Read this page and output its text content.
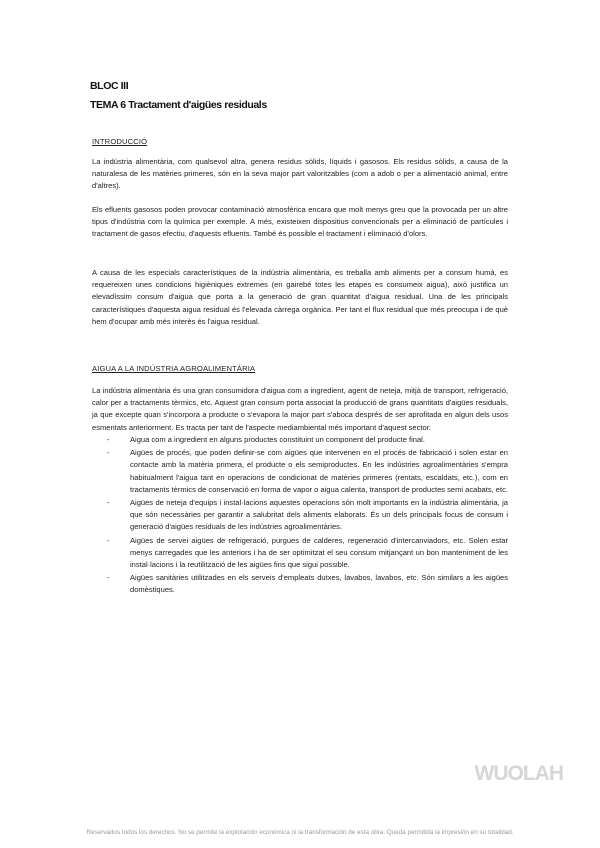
BLOC III
TEMA 6 Tractament d'aigües residuals
INTRODUCCIÓ

La indústria alimentària, com qualsevol altra, genera residus sòlids, líquids i gasosos. Els residus sòlids, a causa de la naturalesa de les matèries primeres, són en la seva major part valoritzables (com a adob o per a alimentació animal, entre d'altres).

Els efluents gasosos poden provocar contaminació atmosfèrica encara que molt menys greu que la provocada per un altre tipus d'indústria com la química per exemple. A més, existeixen dispositius convencionals per a eliminació de partícules i tractament de gasos efectiu, d'aquests efluents. També és possible el tractament i eliminació d'olors.

A causa de les especials característiques de la indústria alimentària, es treballa amb aliments per a consum humà, es requereixen unes condicions higièniques extremes (en gairebé totes les etapes es consumeix aigua), això justifica un elevadíssim consum d'aigua que porta a la generació de gran quantitat d'aigua residual. Una de les principals característiques d'aquesta aigua residual és l'elevada càrrega orgànica. Per tant el flux residual que més preocupa i de què hem d'ocupar amb més interès és l'aigua residual.

AIGUA A LA INDÚSTRIA AGROALIMENTÀRIA

La indústria alimentària és una gran consumidora d'aigua com a ingredient, agent de neteja, mitjà de transport, refrigeració, calor per a tractaments tèrmics, etc. Aquest gran consum porta associat la producció de grans quantitats d'aigües residuals, ja que excepte quan s'incorpora a producte o s'evapora la major part s'aboca després de ser aprofitada en algun dels usos esmentats anteriorment. Es tracta per tant de l'aspecte mediambiental més important d'aquest sector.

-	Aigua com a ingredient en alguns productes constituint un component del producte final.
-	Aigües de procés, que poden definir-se com aigües que intervenen en el procés de fabricació i solen estar en contacte amb la matèria primera, el producte o els semiproductes. En les indústries agroalimentàries s'empra habitualment l'aigua tant en operacions de condicionat de matèries primeres (rentats, escaldats, etc.), com en tractaments tèrmics de conservació en forma de vapor o aigua calenta, transport de productes semi acabats, etc.
-	Aigües de neteja d'equips i instal·lacions aquestes operacions són molt importants en la indústria alimentària, ja que són necessàries per garantir a salubritat dels aliments elaborats. És un dels principals focus de consum i generació d'aigües residuals de les indústries agroalimentàries.
-	Aigües de servei aigües de refrigeració, purgues de calderes, regeneració d'intercanviadors, etc. Solen estar menys carregades que les anteriors i ha de ser optimitzat el seu consum mitjançant un bon manteniment de les instal·lacions i la reutilització de les aigües fins que sigui possible.
-	Aigües sanitàries utilitzades en els serveis d'empleats dutxes, lavabos, lavabos, etc. Són similars a les aigües domèstiques.
WUOLAH
Reservados todos los derechos. No se permite la explotación económica ni la transformación de esta obra. Queda permitida la impresión en su totalidad.
